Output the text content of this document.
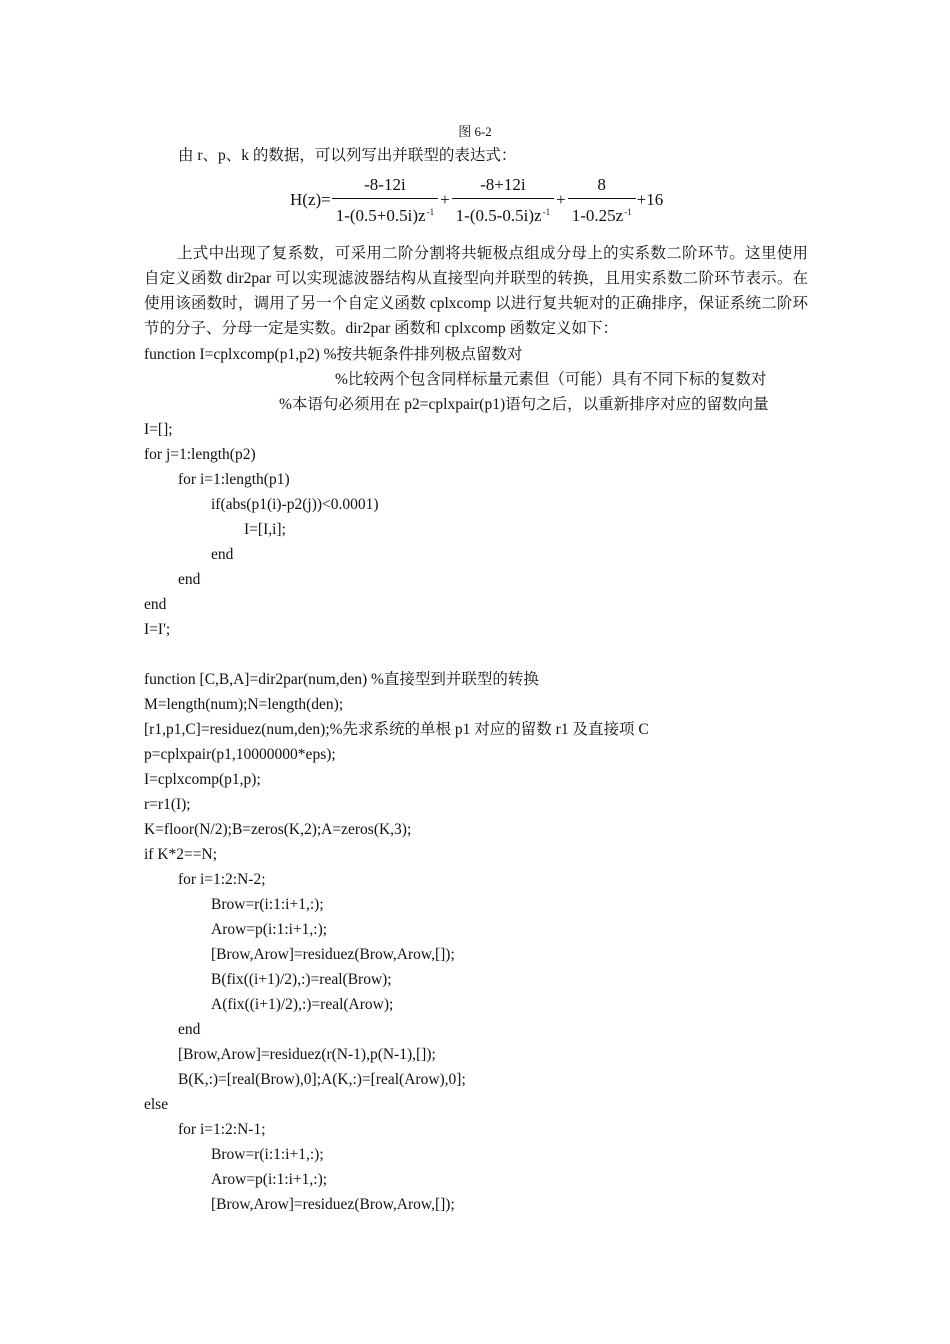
图 6-2
由 r、p、k 的数据，可以列写出并联型的表达式：
$H(z)= \frac{-8-12i}{1-(0.5+0.5i)z^{-1}} + \frac{-8+12i}{1-(0.5-0.5i)z^{-1}} + \frac{8}{1-0.25z^{-1}} +16$

上式中出现了复系数，可采用二阶分割将共轭极点组成分母上的实系数二阶环节。这里使用自定义函数 dir2par 可以实现滤波器结构从直接型向并联型的转换，且用实系数二阶环节表示。在使用该函数时，调用了另一个自定义函数 cplxcomp 以进行复共轭对的正确排序，保证系统二阶环节的分子、分母一定是实数。dir2par 函数和 cplxcomp 函数定义如下：

function I=cplxcomp(p1,p2) %按共轭条件排列极点留数对
%比较两个包含同样标量元素但（可能）具有不同下标的复数对
%本语句必须用在 p2=cplxpair(p1)语句之后，以重新排序对应的留数向量
I=[];
for j=1:length(p2)
for i=1:length(p1)
if(abs(p1(i)-p2(j))<0.0001)
I=[I,i];
end
end
end
I=I';
function [C,B,A]=dir2par(num,den) %直接型到并联型的转换
M=length(num);N=length(den);
[r1,p1,C]=residuez(num,den);%先求系统的单根 p1 对应的留数 r1 及直接项 C
p=cplxpair(p1,10000000*eps);
I=cplxcomp(p1,p);
r=r1(I);
K=floor(N/2);B=zeros(K,2);A=zeros(K,3);
if K*2==N;
for i=1:2:N-2;
Brow=r(i:1:i+1,:);
Arow=p(i:1:i+1,:);
[Brow,Arow]=residuez(Brow,Arow,[]);
B(fix((i+1)/2),:)=real(Brow);
A(fix((i+1)/2),:)=real(Arow);
end
[Brow,Arow]=residuez(r(N-1),p(N-1),[]);
B(K,:)=[real(Brow),0];A(K,:)=[real(Arow),0];
else
for i=1:2:N-1;
Brow=r(i:1:i+1,:);
Arow=p(i:1:i+1,:);
[Brow,Arow]=residuez(Brow,Arow,[]);
